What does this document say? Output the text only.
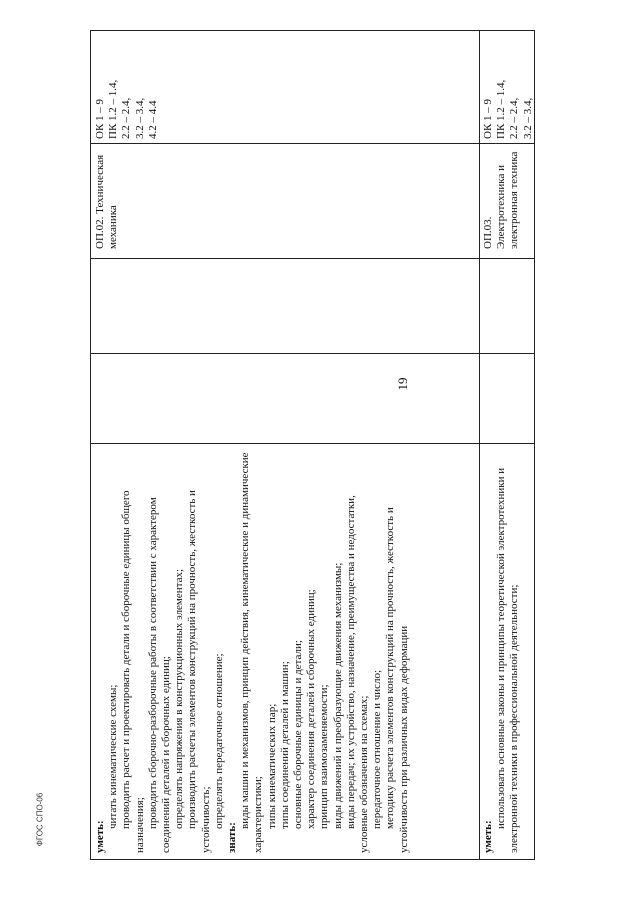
уметь:
читать кинематические схемы; проводить расчет и проектировать детали и сборочные единицы общего назначения; проводить сборочно-разборочные работы в соответствии с характером соединений деталей и сборочных единиц; определять напряжения в конструкционных элементах; производить расчеты элементов конструкций на прочность, жесткость и устойчивость; определять передаточное отношение;
знать:
виды машин и механизмов, принцип действия, кинематические и динамические характеристики; типы кинематических пар; типы соединений деталей и машин; основные сборочные единицы и детали; характер соединения деталей и сборочных единиц; принцип взаимозаменяемости; виды движений и преобразующие движения механизмы; виды передач; их устройство, назначение, преимущества и недостатки, условные обозначения на схемах; передаточное отношение и число; методику расчета элементов конструкций на прочность, жесткость и устойчивость при различных видах деформации
ОП.02. Техническая механика
ОК 1 – 9
ПК 1.2 – 1.4,
2.2 – 2.4,
3.2 – 3.4,
4.2 – 4.4
уметь:
использовать основные законы и принципы теоретической электротехники и электронной техники в профессиональной деятельности;
ОП.03. Электротехника и электронная техника
ОК 1 – 9
ПК 1.2 – 1.4,
2.2 – 2.4,
3.2 – 3.4,
19
ФГОС СПО-06
